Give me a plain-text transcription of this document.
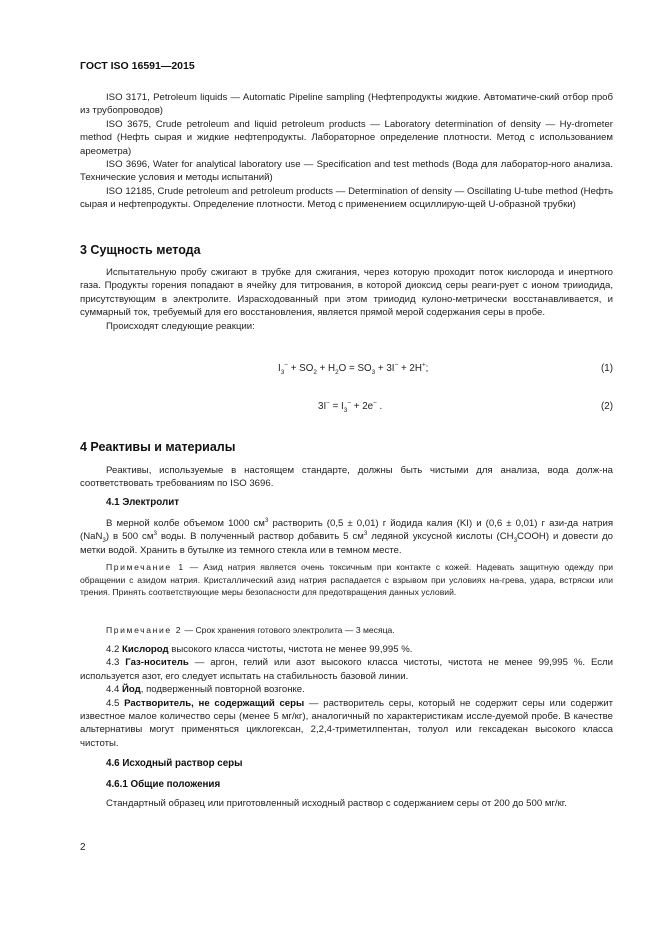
ГОСТ ISO 16591—2015

ISO 3171, Petroleum liquids — Automatic Pipeline sampling (Нефтепродукты жидкие. Автоматиче-ский отбор проб из трубопроводов)

ISO 3675, Crude petroleum and liquid petroleum products — Laboratory determination of density — Hy-drometer method (Нефть сырая и жидкие нефтепродукты. Лабораторное определение плотности. Метод с использованием ареометра)

ISO 3696, Water for analytical laboratory use — Specification and test methods (Вода для лаборатор-ного анализа. Технические условия и методы испытаний)

ISO 12185, Crude petroleum and petroleum products — Determination of density — Oscillating U-tube method (Нефть сырая и нефтепродукты. Определение плотности. Метод с применением осциллирую-щей U-образной трубки)

3 Сущность метода

Испытательную пробу сжигают в трубке для сжигания, через которую проходит поток кислорода и инертного газа. Продукты горения попадают в ячейку для титрования, в которой диоксид серы реаги-рует с ионом трииодида, присутствующим в электролите. Израсходованный при этом трииодид кулоно-метрически восстанавливается, и суммарный ток, требуемый для его восстановления, является прямой мерой содержания серы в пробе.

Происходят следующие реакции:

$I_3^- + SO_2 + H_2O = SO_3 + 3I^- + 2H^+$;	(1)
$3I^- = I_3^- + 2e^-$ .	(2)
4 Реактивы и материалы

Реактивы, используемые в настоящем стандарте, должны быть чистыми для анализа, вода долж-на соответствовать требованиям по ISO 3696.

4.1 Электролит

В мерной колбе объемом 1000 $см^3$ растворить (0,5 ± 0,01) г йодида калия (KI) и (0,6 ± 0,01) г ази-да натрия (NaN$_3$) в 500 $см^3$ воды. В полученный раствор добавить 5 $см^3$ ледяной уксусной кислоты $(CH_3COOH)$ и довести до метки водой. Хранить в бутылке из темного стекла или в темном месте.

Примечание 1 — Азид натрия является очень токсичным при контакте с кожей. Надевать защитную одежду при обращении с азидом натрия. Кристаллический азид натрия распадается с взрывом при условиях на-грева, удара, встряски или трения. Принять соответствующие меры безопасности для предотвращения данных условий.

Примечание 2 — Срок хранения готового электролита — 3 месяца.

4.2 Кислород высокого класса чистоты, чистота не менее 99,995 %.

4.3 Газ-носитель — аргон, гелий или азот высокого класса чистоты, чистота не менее 99,995 %. Если используется азот, его следует испытать на стабильность базовой линии.

4.4 Йод, подверженный повторной возгонке.

4.5 Растворитель, не содержащий серы — растворитель серы, который не содержит серы или содержит известное малое количество серы (менее 5 мг/кг), аналогичный по характеристикам иссле-дуемой пробе. В качестве альтернативы могут применяться циклогексан, 2,2,4-триметилпентан, толуол или гексадекан высокого класса чистоты.

4.6 Исходный раствор серы
4.6.1 Общие положения

Стандартный образец или приготовленный исходный раствор с содержанием серы от 200 до 500 мг/кг.

2
